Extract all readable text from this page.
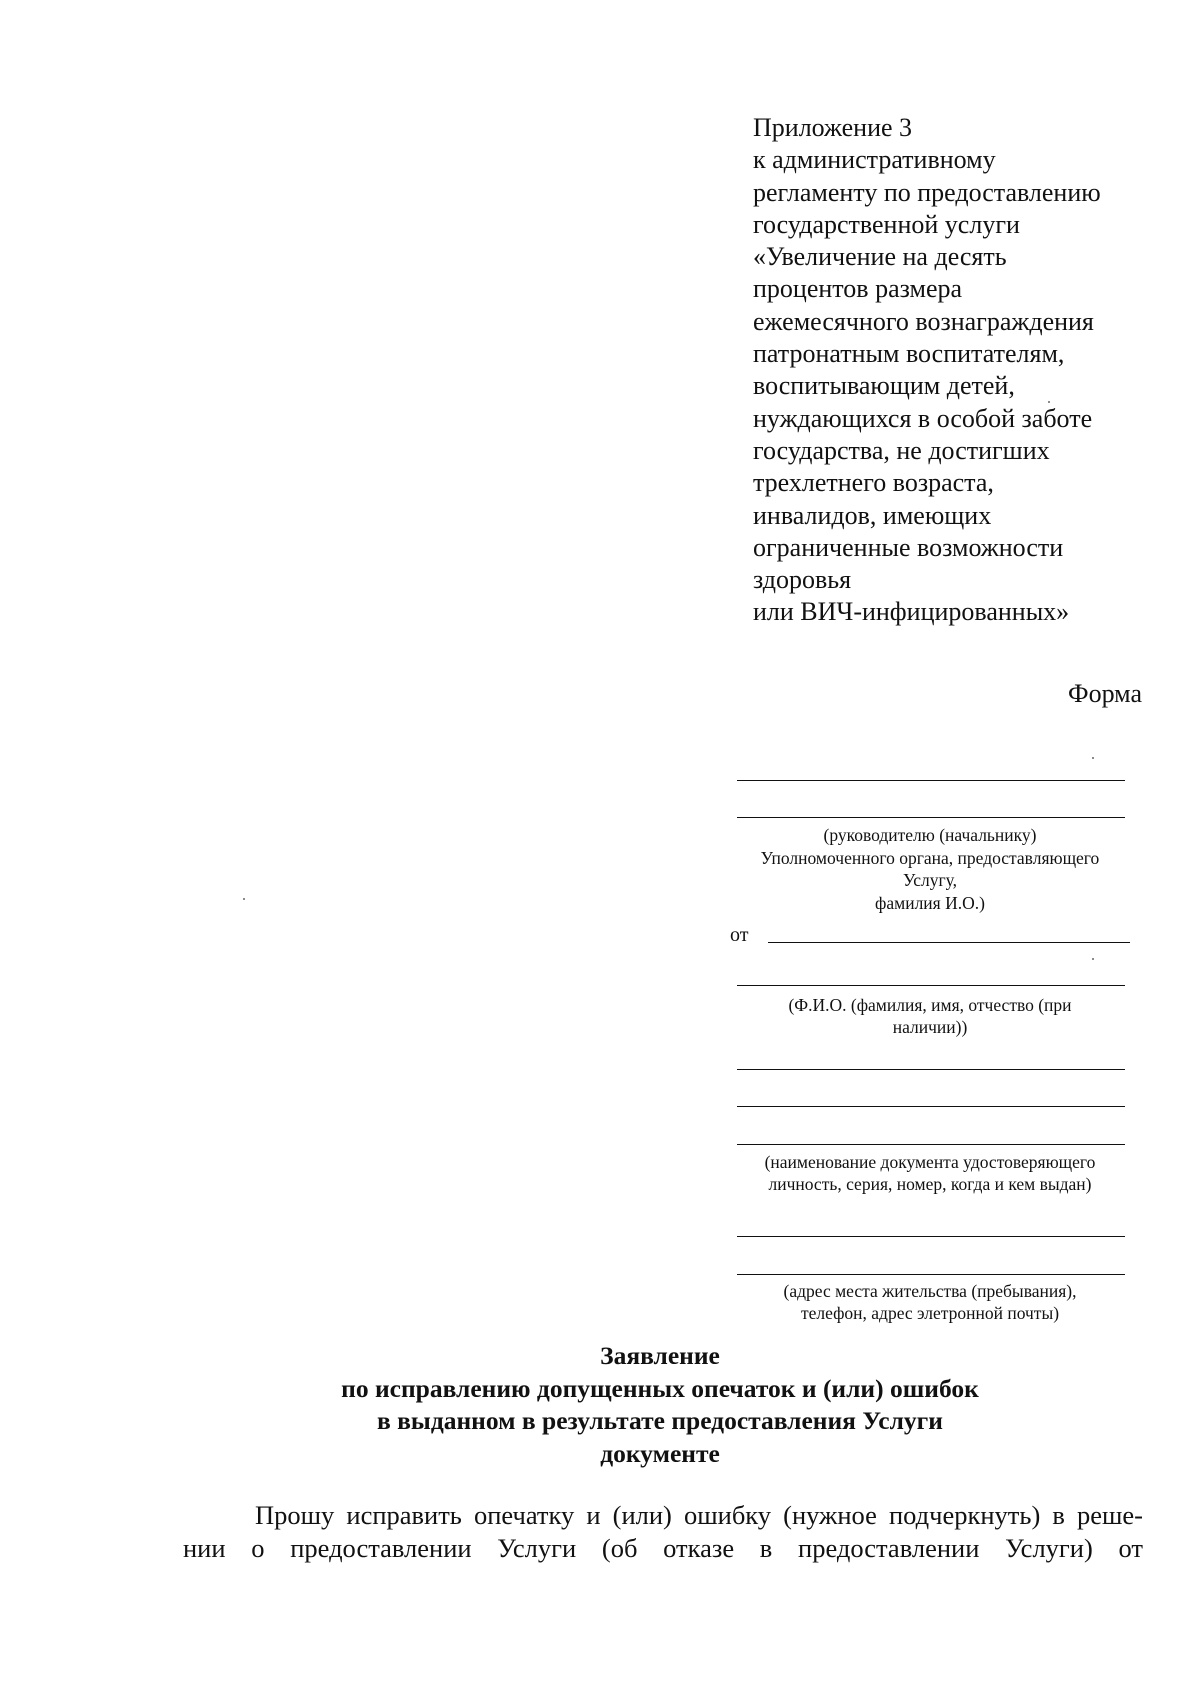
Приложение 3
к административному
регламенту по предоставлению
государственной услуги
«Увеличение на десять
процентов размера
ежемесячного вознаграждения
патронатным воспитателям,
воспитывающим детей,
нуждающихся в особой заботе
государства, не достигших
трехлетнего возраста,
инвалидов, имеющих
ограниченные возможности
здоровья
или ВИЧ-инфицированных»
Форма
(руководителю (начальнику)
Уполномоченного органа, предоставляющего
Услугу,
фамилия И.О.)
от
(Ф.И.О. (фамилия, имя, отчество (при
наличии))
(наименование документа удостоверяющего
личность, серия, номер, когда и кем выдан)
(адрес места жительства (пребывания),
телефон, адрес элетронной почты)
Заявление
по исправлению допущенных опечаток и (или) ошибок
в выданном в результате предоставления Услуги
документе
Прошу исправить опечатку и (или) ошибку (нужное подчеркнуть) в реше-
нии о предоставлении Услуги (об отказе в предоставлении Услуги) от
